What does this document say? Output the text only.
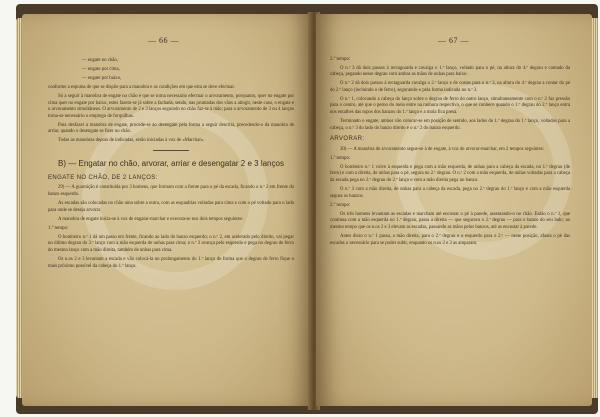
— 66 —

— engate no chão,

— engate por cima,

— engate por baixo,

conforme a espuma de que se dispõe para a manobra e as condições em que esta se deve efectuar.

Só a seguir à manobra de engate no chão é que se torna necessário efectuar o arvoramento, porquanto, quer no engate por cima quer no engate por baixo, estes fazem-se já sobre a fachada, sendo, nas prumadas dos vãos a atingir, neste caso, o engate e o arvoramento simultâneos. O arvoramento de 2 e 3 lanços seguindo no chão faz-se à mão; para o arvoramento de 3 ou 4 lanços torna-se necessário o emprego de forquilhas.

Para desfazer a manobra de engate, procede-se ao desengate pela forma a seguir descrita, precedendo-o da manobra de arriar, quando o desengate se fizer no chão.

Todas as manobras depois de indicadas, serão iniciadas à voz de «Marchar».

B) — Engatar no chão, arvorar, arriar e desengatar 2 e 3 lanços
ENGATE NO CHÃO, DE 2 LANÇOS:

29) — A guarnição é constituída por 3 homens, que formam com a frente para o pé da escada, ficando o n.º 2 em frente do banzo esquerdo.

As escadas são colocadas no chão uma sobre a outra, com as esquadrias voltadas para cima e com o pé voltado para o lado para onde se deseja arvorar.

A manobra de engate inicia-se à voz de engatar-marchar e executa-se nos dois tempos seguintes:

1.º tempo:

O bombeiro n.º 1 dá um passo em frente, ficando ao lado do banzo esquerdo; o n.º 2, em acelerado pelo direito, vai pegar no último degrau do 3.º lanço com a mão esquerda de unhas para cima; o n.º 3 avança pelo esquerdo e pega no degrau de ferro do mesmo lanço com a mão direita, também de unhas para cima.

Os n.os 2 e 3 levantam a escada e vão colocá-la no prolongamento do 1.º lanço de forma que o degrau de ferro fique o mais próximo possível da cabeça do 1.º lanço.

— 67 —
2.º tempo:

O n.º 3 dá dois passos à rectaguarda e cavalga o 1.º lanço, voltado para o pé, na altura do 4.º degrau e contado da cabeça, pegando nesse degrau com ambas as mãos de unhas para baixo.

O n.º 2 dá dois passos à rectaguarda cavalga o 2.º lanço e de costas para o n.º 3, na altura do 4.º degrau a contar do pé do 2.º lanço (incluindo o de ferro), segurando-o pela forma indicada no n.º 3.

O n.º 1, colocando a cabeça do lanço sobre o degrau de ferro do outro lanço, simultaneamente com o n.º 2 faz pressão para o centro, até que o perno do meio entre na ranhura respectiva, o que se conhece quando o 1.º degrau do 2.º lanço entra nos entalhes das topos dos banzos do 1.º lanço e a mola fica presa.

Terminado o engate, ambos vão colocar-se em posição de sentido, aos lados do 1.º degrau do 1.º lanço, voltados para a cabeça, o n.º 3 do lado do banzo direito e o n.º 2 do banzo esquerdo.

ARVORAR:

30) — A manobra de arvoramento segue-se à de engate, à voz de arvorar-marchar, em 2 tempos seguintes:

1.º tempo:

O bombeiro n.º 1 volve à esquerda e pega com a mão esquerda, de unhas para a cabeça da escada, no 1.º degrau (de ferro) e com a direita, de unhas para o pé, segura no 2.º degrau. O n.º 2 com a mão esquerda, de unhas voltadas para a cabeça da escada pega no 2.º degrau do 2.º lanço e com a mão direita pega no banzo.

O n.º 3 com a mão direita, de unhas para a cabeça da escada, pega no 2.º degrau do 1.º lanço e com a mão esquerda segura os banzos.

2.º tempo:

Os três homens levantam as escadas e marcham até encostar o pé à parede, assentando-o no chão. Então o n.º 1, que continua com a mão esquerda no 1.º degrau, passa a direita — que segurava o 2.º degrau — para o banzo do seu lado; ao mesmo tempo que os n.os 2 e 3 elevam as escadas, passando as mãos pelos banzos, até as encostar à parede.

Antes disso o n.º 1 passa, a mão direita, para o 2.º degrau e o esquerdo para o 2.º — neste posição, afasta o pé das escadas o necessário para se poder subir, enquanto os n.os 2 e 3 as amparam.
